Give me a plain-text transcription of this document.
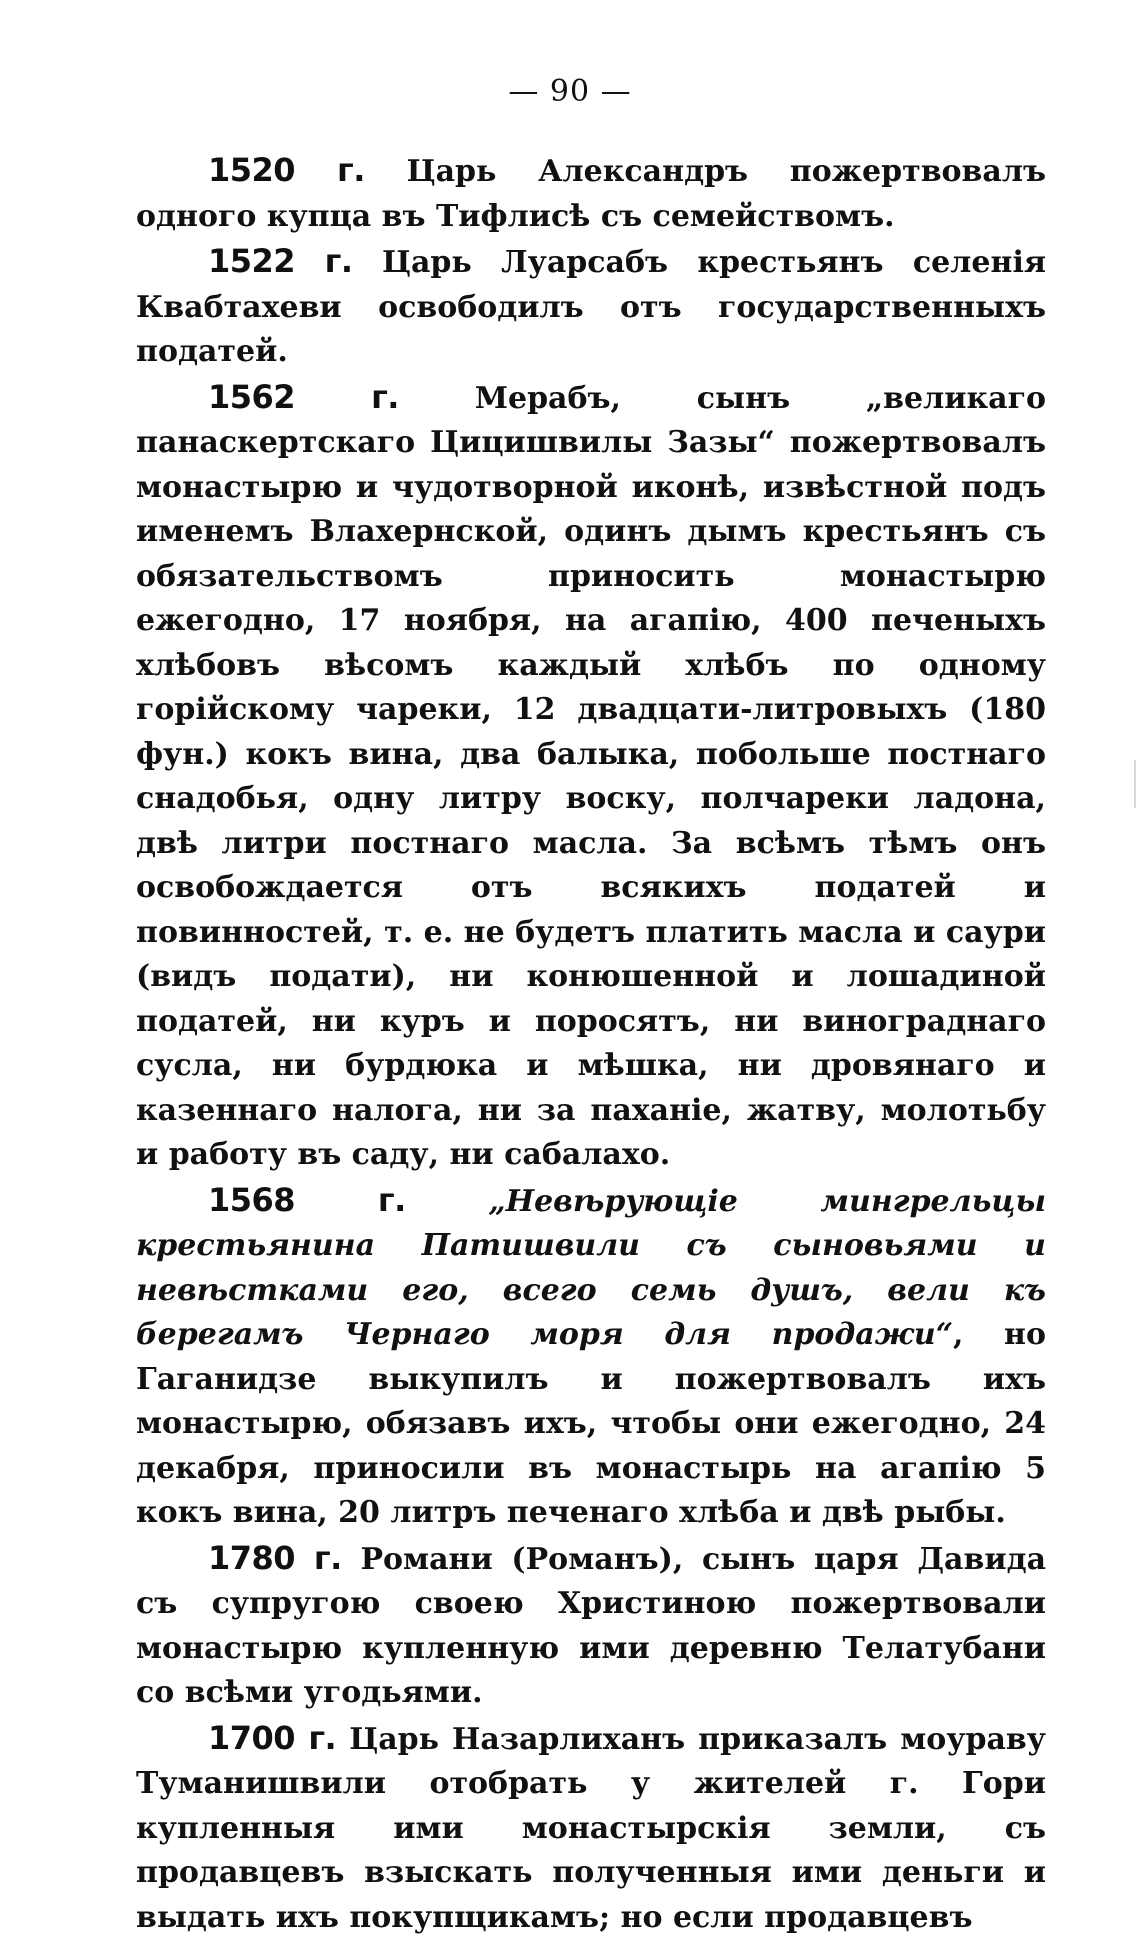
— 90 —

1520 г. Царь Александръ пожертвовалъ одного купца въ Тифлисѣ съ семействомъ.

1522 г. Царь Луарсабъ крестьянъ селенія Квабтахеви освободилъ отъ государственныхъ податей.

1562 г. Мерабъ, сынъ „великаго панаскертскаго Цицишвилы Зазы“ пожертвовалъ монастырю и чудотворной иконѣ, извѣстной подъ именемъ Влахернской, одинъ дымъ крестьянъ съ обязательствомъ приносить монастырю ежегодно, 17 ноября, на агапію, 400 печеныхъ хлѣбовъ вѣсомъ каждый хлѣбъ по одному горійскому чареки, 12 двадцати-литровыхъ (180 фун.) кокъ вина, два балыка, побольше постнаго снадобья, одну литру воску, полчареки ладона, двѣ литри постнаго масла. За всѣмъ тѣмъ онъ освобождается отъ всякихъ податей и повинностей, т. е. не будетъ платить масла и саури (видъ подати), ни конюшенной и лошадиной податей, ни куръ и поросятъ, ни винограднаго сусла, ни бурдюка и мѣшка, ни дровянаго и казеннаго налога, ни за паханіе, жатву, молотьбу и работу въ саду, ни сабалахо.

1568 г.	„Невѣрующіе мингрельцы крестьянина Патишвили съ сыновьями и невѣстками его, всего семь душъ, вели къ берегамъ Чернаго моря для продажи“, но Гаганидзе выкупилъ и пожертвовалъ ихъ монастырю, обязавъ ихъ, чтобы они ежегодно, 24 декабря, приносили въ монастырь на агапію 5 кокъ вина, 20 литръ печенаго хлѣба и двѣ рыбы.

1780 г. Романи (Романъ), сынъ царя Давида съ супругою своею Христиною пожертвовали монастырю купленную ими деревню Телатубани со всѣми угодьями.

1700 г. Царь Назарлиханъ приказалъ моураву Туманишвили отобрать у жителей г. Гори купленныя ими монастырскія земли, съ продавцевъ взыскать полученныя ими деньги и выдать ихъ покупщикамъ; но если продавцевъ
